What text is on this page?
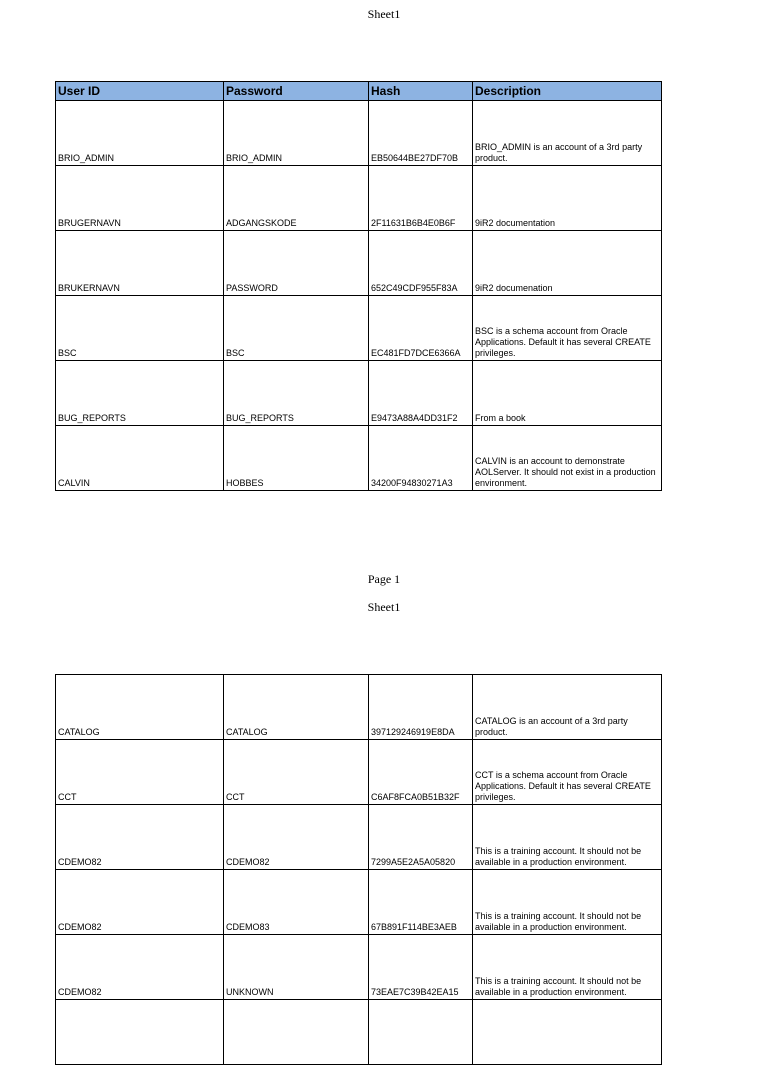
Sheet1
User ID	Password	Hash	Description
BRIO_ADMIN	BRIO_ADMIN	EB50644BE27DF70B	BRIO_ADMIN is an account of a 3rd party product.
BRUGERNAVN	ADGANGSKODE	2F11631B6B4E0B6F	9iR2 documentation
BRUKERNAVN	PASSWORD	652C49CDF955F83A	9iR2 documenation
BSC	BSC	EC481FD7DCE6366A	BSC is a schema account from Oracle Applications. Default it has several CREATE privileges.
BUG_REPORTS	BUG_REPORTS	E9473A88A4DD31F2	From a book
CALVIN	HOBBES	34200F94830271A3	CALVIN is an account to demonstrate AOLServer. It should not exist in a production environment.
Page 1
Sheet1
CATALOG	CATALOG	397129246919E8DA	CATALOG is an account of a 3rd party product.
CCT	CCT	C6AF8FCA0B51B32F	CCT is a schema account from Oracle Applications. Default it has several CREATE privileges.
CDEMO82	CDEMO82	7299A5E2A5A05820	This is a training account. It should not be available in a production environment.
CDEMO82	CDEMO83	67B891F114BE3AEB	This is a training account. It should not be available in a production environment.
CDEMO82	UNKNOWN	73EAE7C39B42EA15	This is a training account. It should not be available in a production environment.
